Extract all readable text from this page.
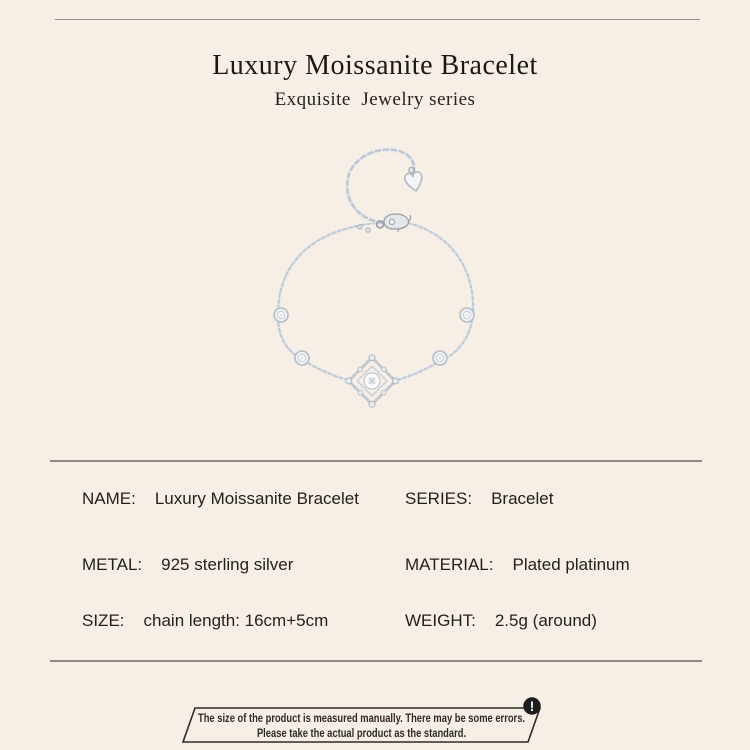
Luxury Moissanite Bracelet
Exquisite  Jewelry series
NAME: Luxury Moissanite Bracelet	SERIES: Bracelet
METAL: 925 sterling silver	MATERIAL: Plated platinum
SIZE: chain length: 16cm+5cm	WEIGHT: 2.5g (around)
!
The size of the product is measured manually. There may be some errors.
Please take the actual product as the standard.
